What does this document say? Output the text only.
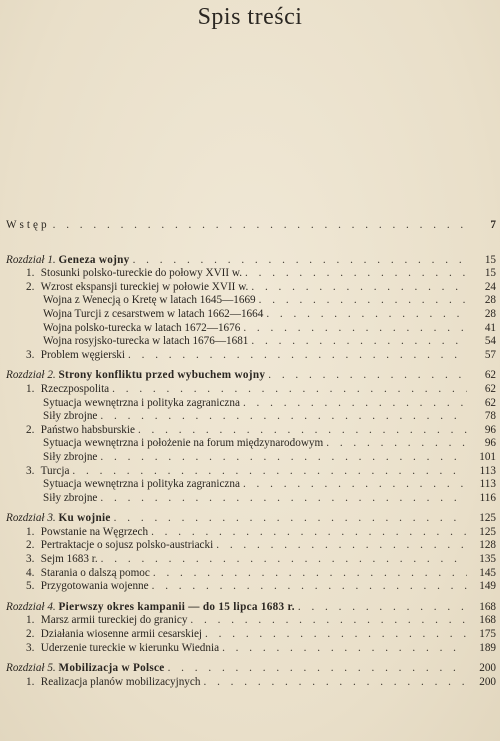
Spis treści
Wstęp . . .	7
Rozdział 1. Geneza wojny . . .	15
1. Stosunki polsko-tureckie do połowy XVII w. . . .	15
2. Wzrost ekspansji tureckiej w połowie XVII w. . . .	24
Wojna z Wenecją o Kretę w latach 1645—1669 . . .	28
Wojna Turcji z cesarstwem w latach 1662—1664 . . .	28
Wojna polsko-turecka w latach 1672—1676 . . .	41
Wojna rosyjsko-turecka w latach 1676—1681 . . .	54
3. Problem węgierski . . .	57
Rozdział 2. Strony konfliktu przed wybuchem wojny . . .	62
1. Rzeczpospolita . . .	62
Sytuacja wewnętrzna i polityka zagraniczna . . .	62
Siły zbrojne . . .	78
2. Państwo habsburskie . . .	96
Sytuacja wewnętrzna i położenie na forum międzynarodowym . . .	96
Siły zbrojne . . .	101
3. Turcja . . .	113
Sytuacja wewnętrzna i polityka zagraniczna . . .	113
Siły zbrojne . . .	116
Rozdział 3. Ku wojnie . . .	125
1. Powstanie na Węgrzech . . .	125
2. Pertraktacje o sojusz polsko-austriacki . . .	128
3. Sejm 1683 r. . . .	135
4. Starania o dalszą pomoc . . .	145
5. Przygotowania wojenne . . .	149
Rozdział 4. Pierwszy okres kampanii — do 15 lipca 1683 r. . . .	168
1. Marsz armii tureckiej do granicy . . .	168
2. Działania wiosenne armii cesarskiej . . .	175
3. Uderzenie tureckie w kierunku Wiednia . . .	189
Rozdział 5. Mobilizacja w Polsce . . .	200
1. Realizacja planów mobilizacyjnych . . .	200
